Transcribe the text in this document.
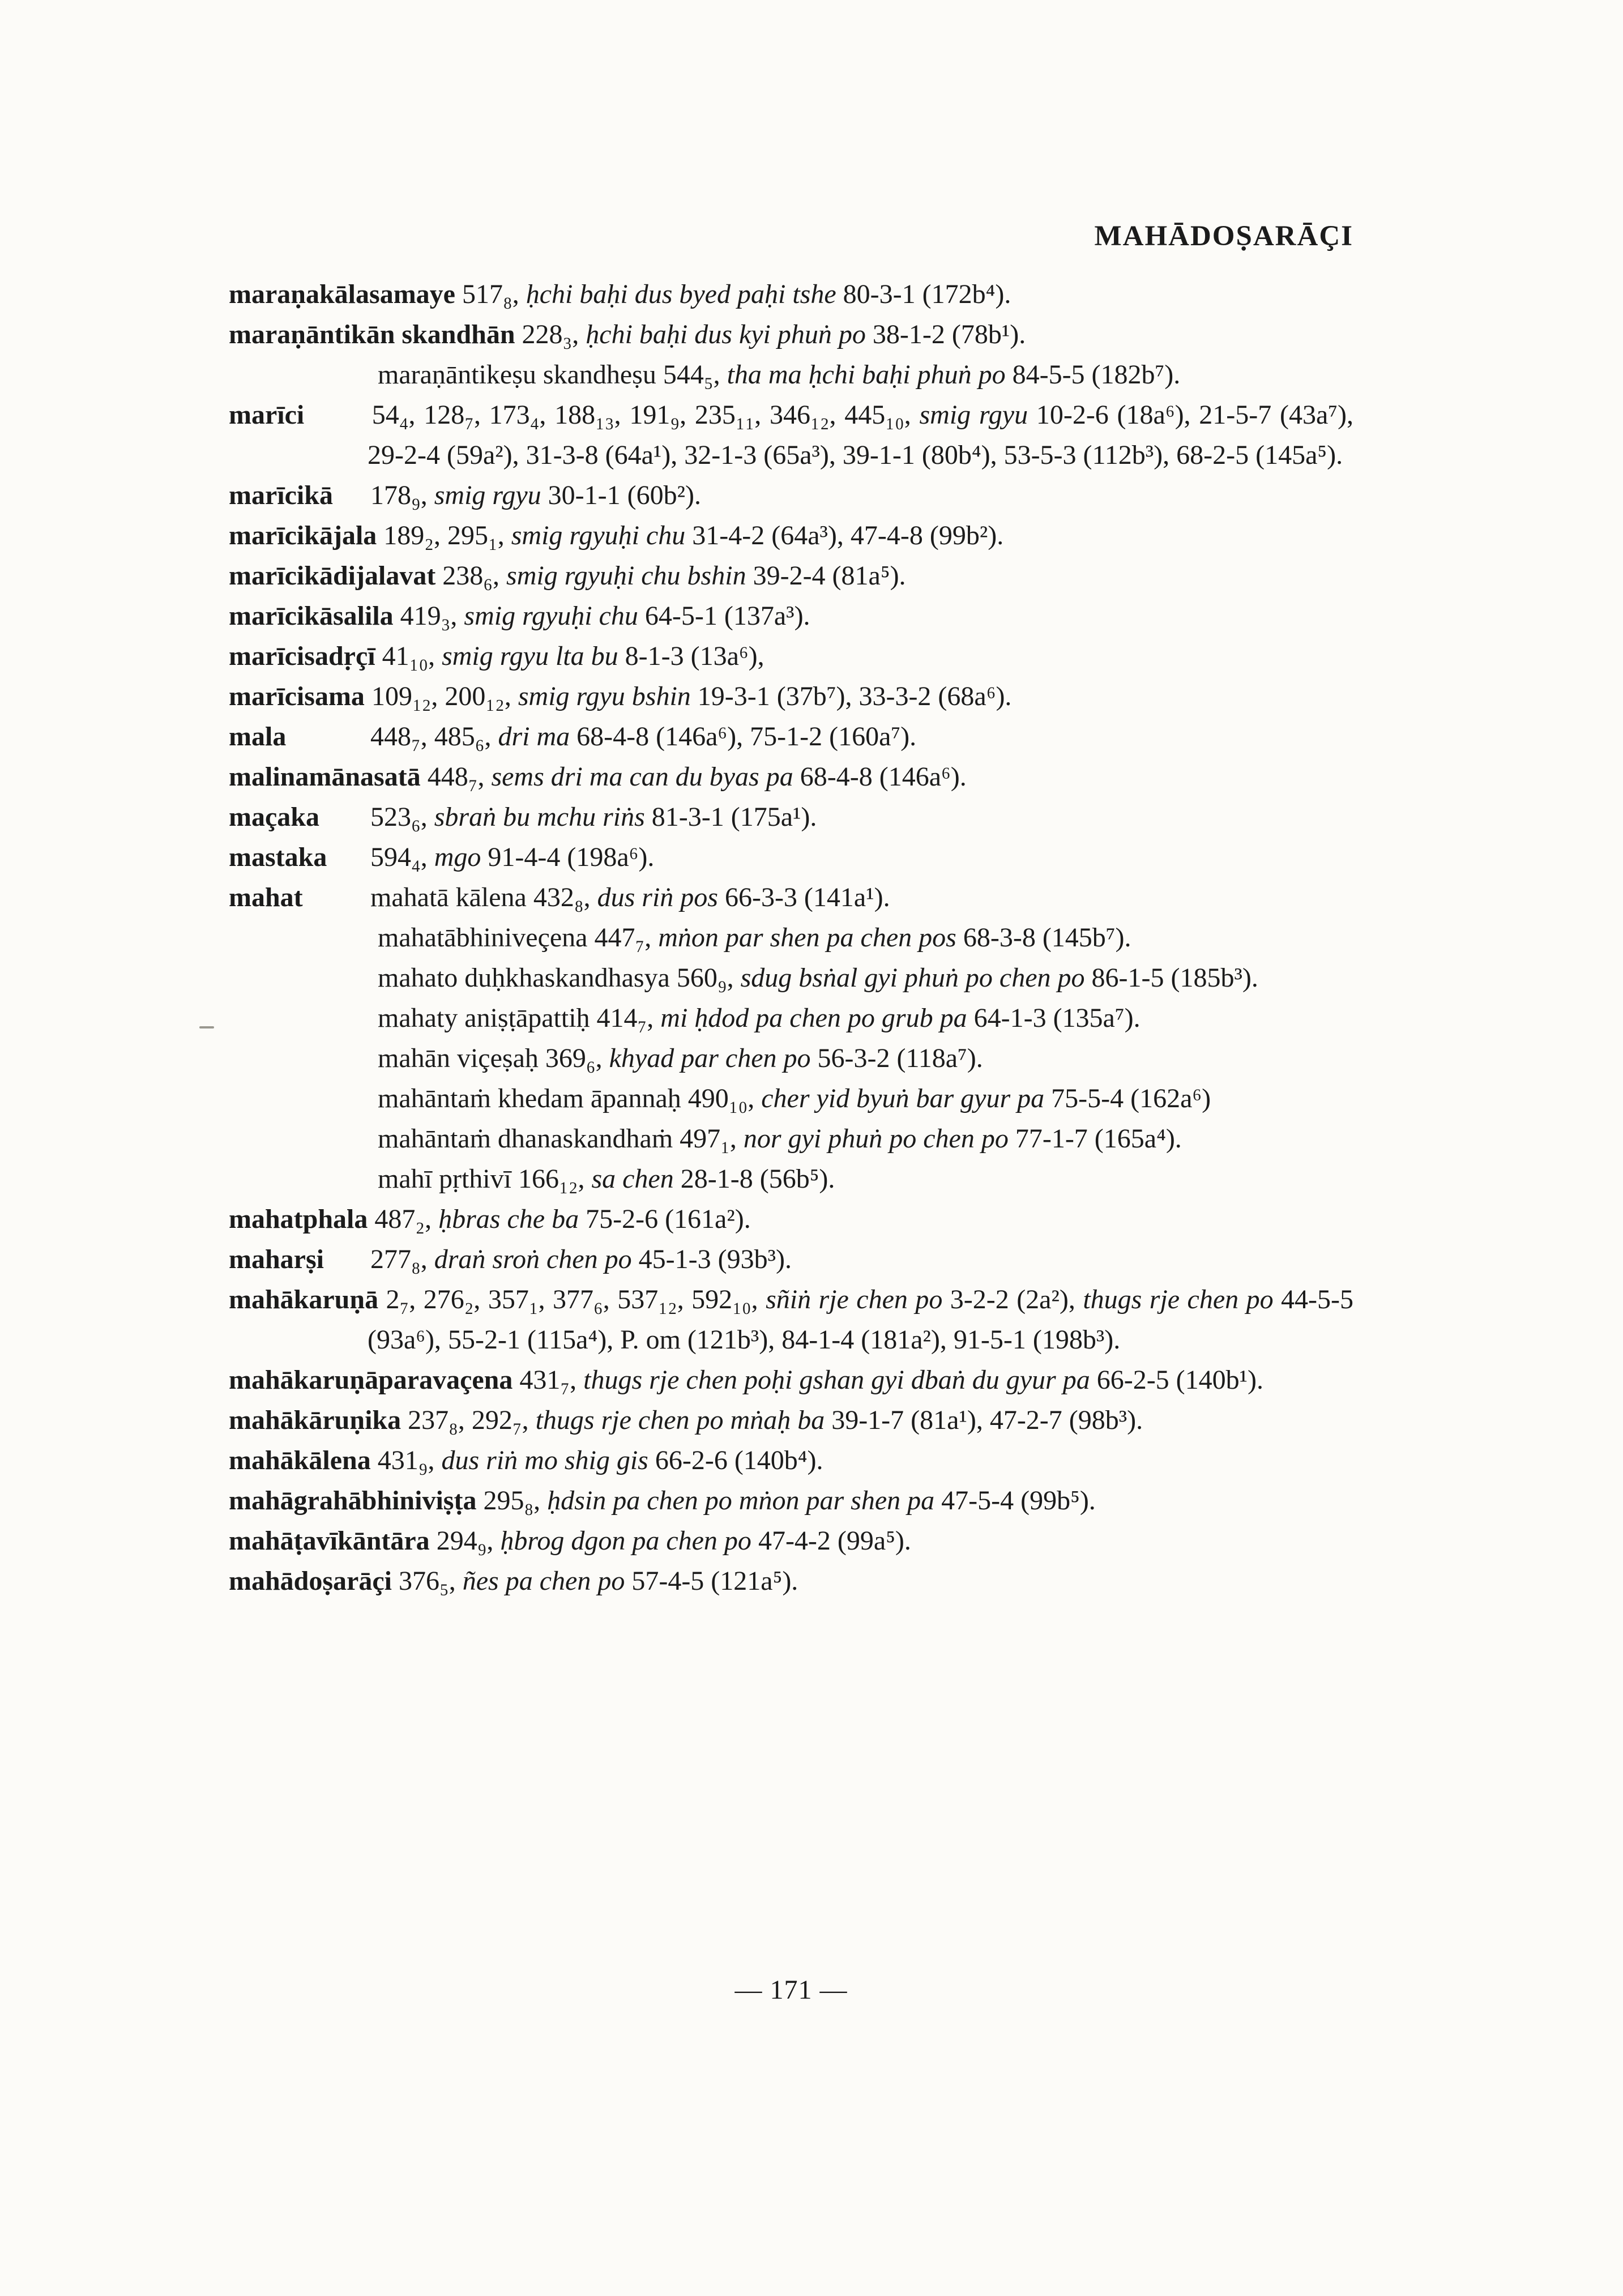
MAHĀDOṢARĀÇI

maraṇakālasamaye 517₈, ḥchi baḥi dus byed paḥi tshe 80-3-1 (172b⁴).

maraṇāntikān skandhān 228₃, ḥchi baḥi dus kyi phuṅ po 38-1-2 (78b¹).

maraṇāntikeṣu skandheṣu 544₅, tha ma ḥchi baḥi phuṅ po 84-5-5 (182b⁷).

marīci 54₄, 128₇, 173₄, 188₁₃, 191₉, 235₁₁, 346₁₂, 445₁₀, smig rgyu 10-2-6 (18a⁶), 21-5-7 (43a⁷), 29-2-4 (59a²), 31-3-8 (64a¹), 32-1-3 (65a³), 39-1-1 (80b⁴), 53-5-3 (112b³), 68-2-5 (145a⁵).

marīcikā 178₉, smig rgyu 30-1-1 (60b²).

marīcikājala 189₂, 295₁, smig rgyuḥi chu 31-4-2 (64a³), 47-4-8 (99b²).

marīcikādijalavat 238₆, smig rgyuḥi chu bshin 39-2-4 (81a⁵).

marīcikāsalila 419₃, smig rgyuḥi chu 64-5-1 (137a³).

marīcisadṛçī 41₁₀, smig rgyu lta bu 8-1-3 (13a⁶),

marīcisama 109₁₂, 200₁₂, smig rgyu bshin 19-3-1 (37b⁷), 33-3-2 (68a⁶).

mala	448₇, 485₆, dri ma 68-4-8 (146a⁶), 75-1-2 (160a⁷).

malinamānasatā 448₇, sems dri ma can du byas pa 68-4-8 (146a⁶).

maçaka 523₆, sbraṅ bu mchu riṅs 81-3-1 (175a¹).

mastaka 594₄, mgo 91-4-4 (198a⁶).

mahat mahatā kālena 432₈, dus riṅ pos 66-3-3 (141a¹).

mahatābhiniveçena 447₇, mṅon par shen pa chen pos 68-3-8 (145b⁷).

mahato duḥkhaskandhasya 560₉, sdug bsṅal gyi phuṅ po chen po 86-1-5 (185b³).

mahaty aniṣṭāpattiḥ 414₇, mi ḥdod pa chen po grub pa 64-1-3 (135a⁷).

mahān viçeṣaḥ 369₆, khyad par chen po 56-3-2 (118a⁷).

mahāntaṁ khedam āpannaḥ 490₁₀, cher yid byuṅ bar gyur pa 75-5-4 (162a⁶)

mahāntaṁ dhanaskandhaṁ 497₁, nor gyi phuṅ po chen po 77-1-7 (165a⁴).

mahī pṛthivī 166₁₂, sa chen 28-1-8 (56b⁵).

mahatphala 487₂, ḥbras che ba 75-2-6 (161a²).

maharṣi 277₈, draṅ sroṅ chen po 45-1-3 (93b³).

mahākaruṇā 2₇, 276₂, 357₁, 377₆, 537₁₂, 592₁₀, sñiṅ rje chen po 3-2-2 (2a²), thugs rje chen po 44-5-5 (93a⁶), 55-2-1 (115a⁴), P. om (121b³), 84-1-4 (181a²), 91-5-1 (198b³).

mahākaruṇāparavaçena 431₇, thugs rje chen poḥi gshan gyi dbaṅ du gyur pa 66-2-5 (140b¹).

mahākāruṇika 237₈, 292₇, thugs rje chen po mṅaḥ ba 39-1-7 (81a¹), 47-2-7 (98b³).

mahākālena 431₉, dus riṅ mo shig gis 66-2-6 (140b⁴).

mahāgrahābhiniviṣṭa 295₈, ḥdsin pa chen po mṅon par shen pa 47-5-4 (99b⁵).

mahāṭavīkāntāra 294₉, ḥbrog dgon pa chen po 47-4-2 (99a⁵).

mahādoṣarāçi 376₅, ñes pa chen po 57-4-5 (121a⁵).

— 171 —
